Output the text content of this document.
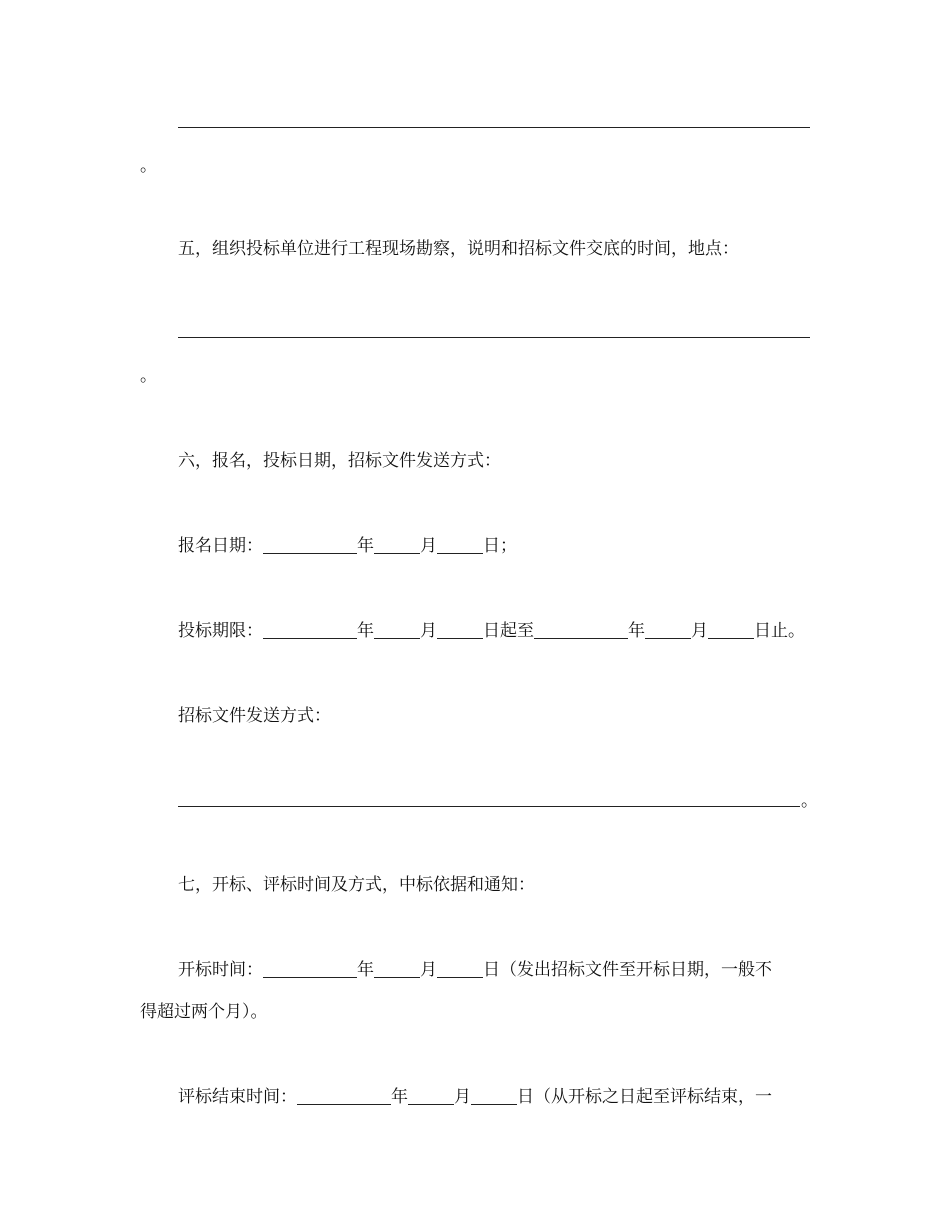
。
五，组织投标单位进行工程现场勘察，说明和招标文件交底的时间，地点：
。
六，报名，投标日期，招标文件发送方式：
报名日期：	年	月	日；
投标期限：	年	月	日起至	年	月	日止。
招标文件发送方式：
。
七，开标、评标时间及方式，中标依据和通知：
开标时间：	年	月	日（发出招标文件至开标日期，一般不
得超过两个月）。
评标结束时间：	年	月	日（从开标之日起至评标结束，一
